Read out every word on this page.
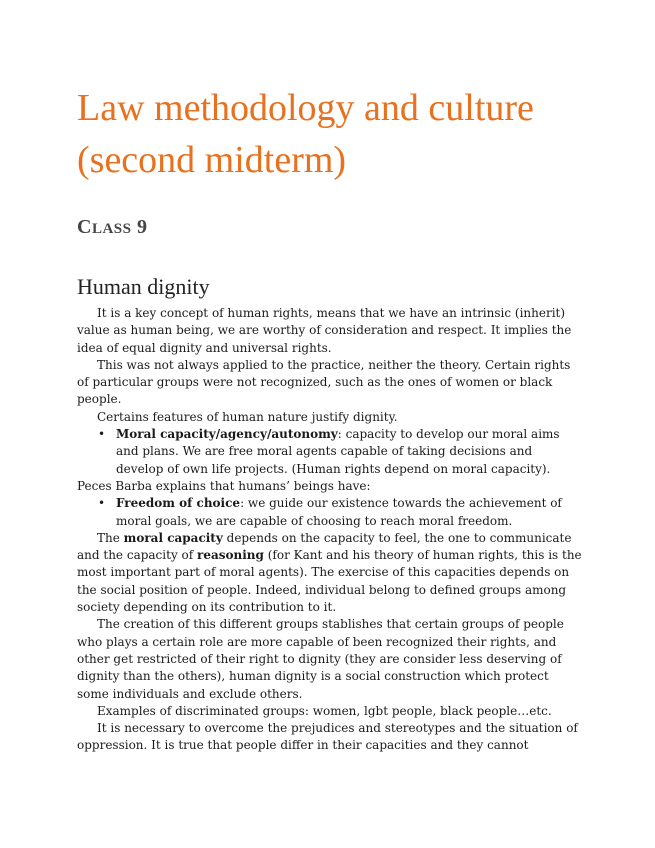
Law methodology and culture
(second midterm)
CLASS 9
Human dignity

It is a key concept of human rights, means that we have an intrinsic (inherit) value as human being, we are worthy of consideration and respect. It implies the idea of equal dignity and universal rights.

This was not always applied to the practice, neither the theory. Certain rights of particular groups were not recognized, such as the ones of women or black people.

Certains features of human nature justify dignity.

• Moral capacity/agency/autonomy: capacity to develop our moral aims and plans. We are free moral agents capable of taking decisions and develop of own life projects. (Human rights depend on moral capacity).

Peces Barba explains that humans’ beings have:

• Freedom of choice: we guide our existence towards the achievement of moral goals, we are capable of choosing to reach moral freedom.

The moral capacity depends on the capacity to feel, the one to communicate and the capacity of reasoning (for Kant and his theory of human rights, this is the most important part of moral agents). The exercise of this capacities depends on the social position of people. Indeed, individual belong to defined groups among society depending on its contribution to it.

The creation of this different groups stablishes that certain groups of people who plays a certain role are more capable of been recognized their rights, and other get restricted of their right to dignity (they are consider less deserving of dignity than the others), human dignity is a social construction which protect some individuals and exclude others.

Examples of discriminated groups: women, lgbt people, black people…etc.

It is necessary to overcome the prejudices and stereotypes and the situation of oppression. It is true that people differ in their capacities and they cannot
